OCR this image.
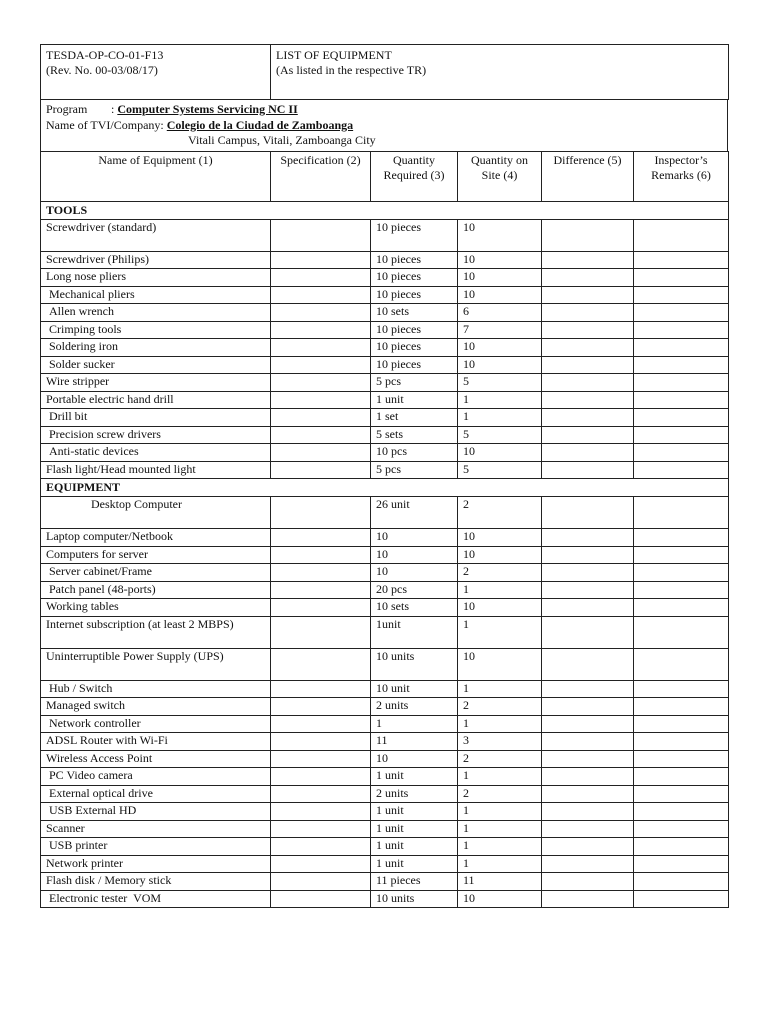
TESDA-OP-CO-01-F13
(Rev. No. 00-03/08/17)

LIST OF EQUIPMENT
(As listed in the respective TR)
Program : Computer Systems Servicing NC II
Name of TVI/Company: Colegio de la Ciudad de Zamboanga
Vitali Campus, Vitali, Zamboanga City
Name of Equipment (1)	Specification (2)	Quantity Required (3)	Quantity on Site (4)	Difference (5)	Inspector’s Remarks (6)
TOOLS					
Screwdriver (standard)		10 pieces	10		
Screwdriver (Philips)		10 pieces	10		
Long nose pliers		10 pieces	10		
Mechanical pliers		10 pieces	10		
Allen wrench		10 sets	6		
Crimping tools		10 pieces	7		
Soldering iron		10 pieces	10		
Solder sucker		10 pieces	10		
Wire stripper		5 pcs	5		
Portable electric hand drill		1 unit	1		
Drill bit		1 set	1		
Precision screw drivers		5 sets	5		
Anti-static devices		10 pcs	10		
Flash light/Head mounted light		5 pcs	5		
EQUIPMENT					
Desktop Computer		26 unit	2		
Laptop computer/Netbook		10	10		
Computers for server		10	10		
Server cabinet/Frame		10	2		
Patch panel (48-ports)		20 pcs	1		
Working tables		10 sets	10		
Internet subscription (at least 2 MBPS)		1unit	1		
Uninterruptible Power Supply (UPS)		10 units	10		
Hub / Switch		10 unit	1		
Managed switch		2 units	2		
Network controller		1	1		
ADSL Router with Wi-Fi		11	3		
Wireless Access Point		10	2		
PC Video camera		1 unit	1		
External optical drive		2 units	2		
USB External HD		1 unit	1		
Scanner		1 unit	1		
USB printer		1 unit	1		
Network printer		1 unit	1		
Flash disk / Memory stick		11 pieces	11		
Electronic tester  VOM		10 units	10		
